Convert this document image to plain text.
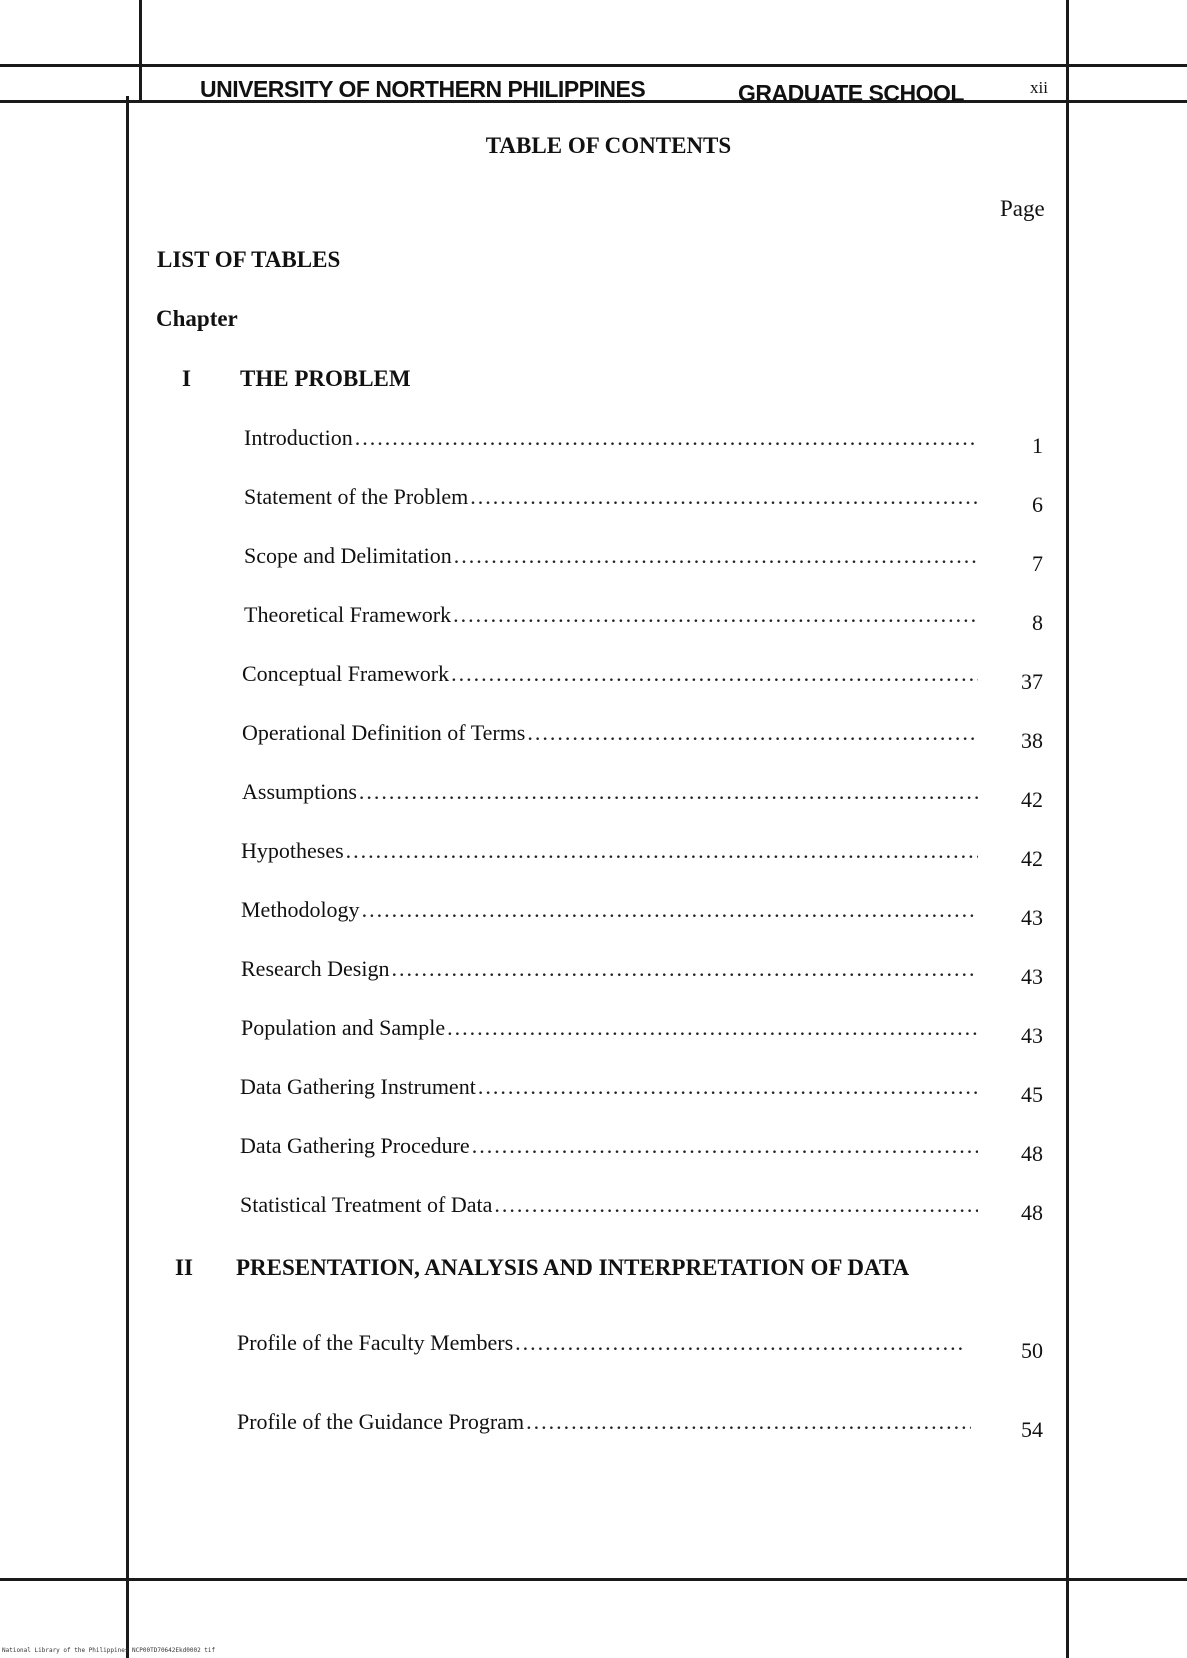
UNIVERSITY OF NORTHERN PHILIPPINES	GRADUATE SCHOOL	xii
TABLE OF CONTENTS
Page
LIST OF TABLES
Chapter
I THE PROBLEM
Introduction .....	1
Statement of the Problem .....	6
Scope and Delimitation .....	7
Theoretical Framework .....	8
Conceptual Framework .....	37
Operational Definition of Terms .....	38
Assumptions .....	42
Hypotheses .....	42
Methodology .....	43
Research Design .....	43
Population and Sample .....	43
Data Gathering Instrument .....	45
Data Gathering Procedure .....	48
Statistical Treatment of Data .....	48
II PRESENTATION, ANALYSIS AND INTERPRETATION OF DATA
Profile of the Faculty Members .....	50
Profile of the Guidance Program .....	54
National Library of the Philippines NCP00TD70642Ekd0002 tif
